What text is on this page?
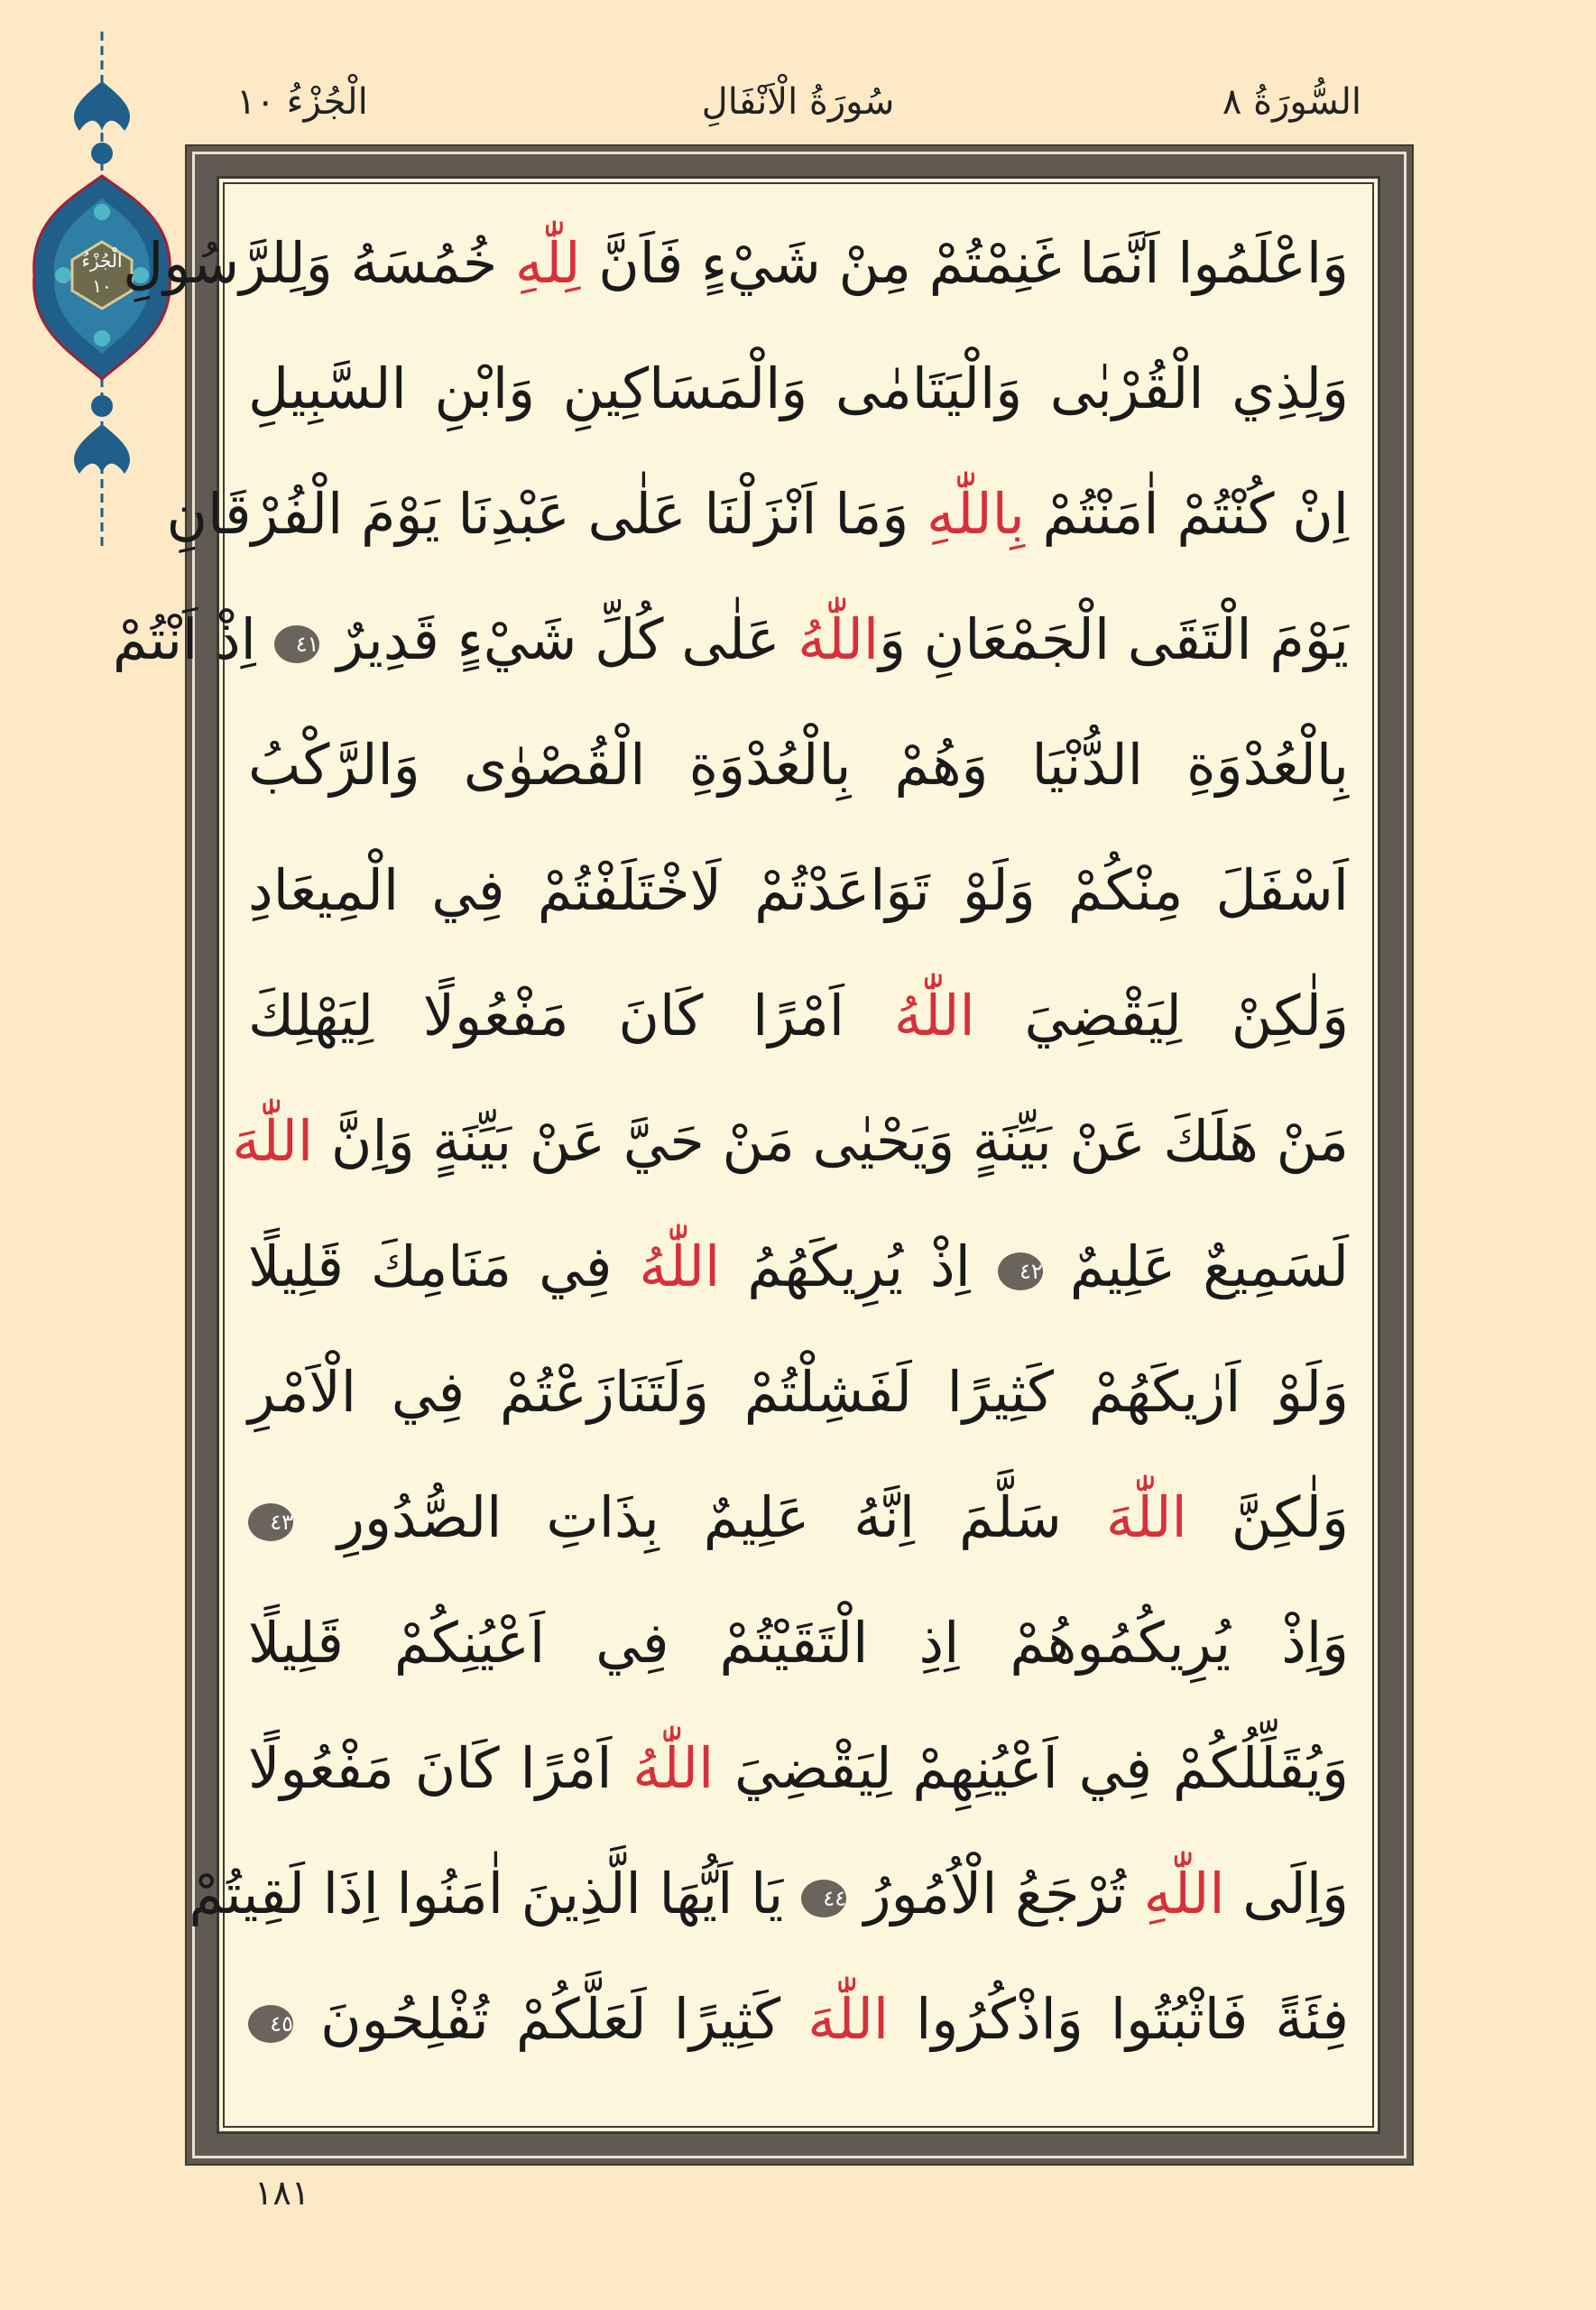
السُّورَةُ ٨
سُورَةُ الْاَنْفَالِ
الْجُزْءُ ١٠
الْجُزْءُ
١٠	وَاعْلَمُوا اَنَّمَا غَنِمْتُمْ مِنْ شَيْءٍ فَاَنَّ لِلّٰهِ خُمُسَهُ وَلِلرَّسُولِ
وَلِذِي الْقُرْبٰى وَالْيَتَامٰى وَالْمَسَاكِينِ وَابْنِ السَّبِيلِ
اِنْ كُنْتُمْ اٰمَنْتُمْ بِاللّٰهِ وَمَا اَنْزَلْنَا عَلٰى عَبْدِنَا يَوْمَ الْفُرْقَانِ
يَوْمَ الْتَقَى الْجَمْعَانِ وَاللّٰهُ عَلٰى كُلِّ شَيْءٍ قَدِيرٌ ٤١ اِذْ اَنْتُمْ
بِالْعُدْوَةِ الدُّنْيَا وَهُمْ بِالْعُدْوَةِ الْقُصْوٰى وَالرَّكْبُ
اَسْفَلَ مِنْكُمْ وَلَوْ تَوَاعَدْتُمْ لَاخْتَلَفْتُمْ فِي الْمِيعَادِ
وَلٰكِنْ لِيَقْضِيَ اللّٰهُ اَمْرًا كَانَ مَفْعُولًا لِيَهْلِكَ
مَنْ هَلَكَ عَنْ بَيِّنَةٍ وَيَحْيٰى مَنْ حَيَّ عَنْ بَيِّنَةٍ وَاِنَّ اللّٰهَ
لَسَمِيعٌ عَلِيمٌ ٤٢ اِذْ يُرِيكَهُمُ اللّٰهُ فِي مَنَامِكَ قَلِيلًا
وَلَوْ اَرٰيكَهُمْ كَثِيرًا لَفَشِلْتُمْ وَلَتَنَازَعْتُمْ فِي الْاَمْرِ
وَلٰكِنَّ اللّٰهَ سَلَّمَ اِنَّهُ عَلِيمٌ بِذَاتِ الصُّدُورِ ٤٣
وَاِذْ يُرِيكُمُوهُمْ اِذِ الْتَقَيْتُمْ فِي اَعْيُنِكُمْ قَلِيلًا
وَيُقَلِّلُكُمْ فِي اَعْيُنِهِمْ لِيَقْضِيَ اللّٰهُ اَمْرًا كَانَ مَفْعُولًا
وَاِلَى اللّٰهِ تُرْجَعُ الْاُمُورُ ٤٤ يَا اَيُّهَا الَّذِينَ اٰمَنُوا اِذَا لَقِيتُمْ
فِئَةً فَاثْبُتُوا وَاذْكُرُوا اللّٰهَ كَثِيرًا لَعَلَّكُمْ تُفْلِحُونَ ٤٥
١٨١
